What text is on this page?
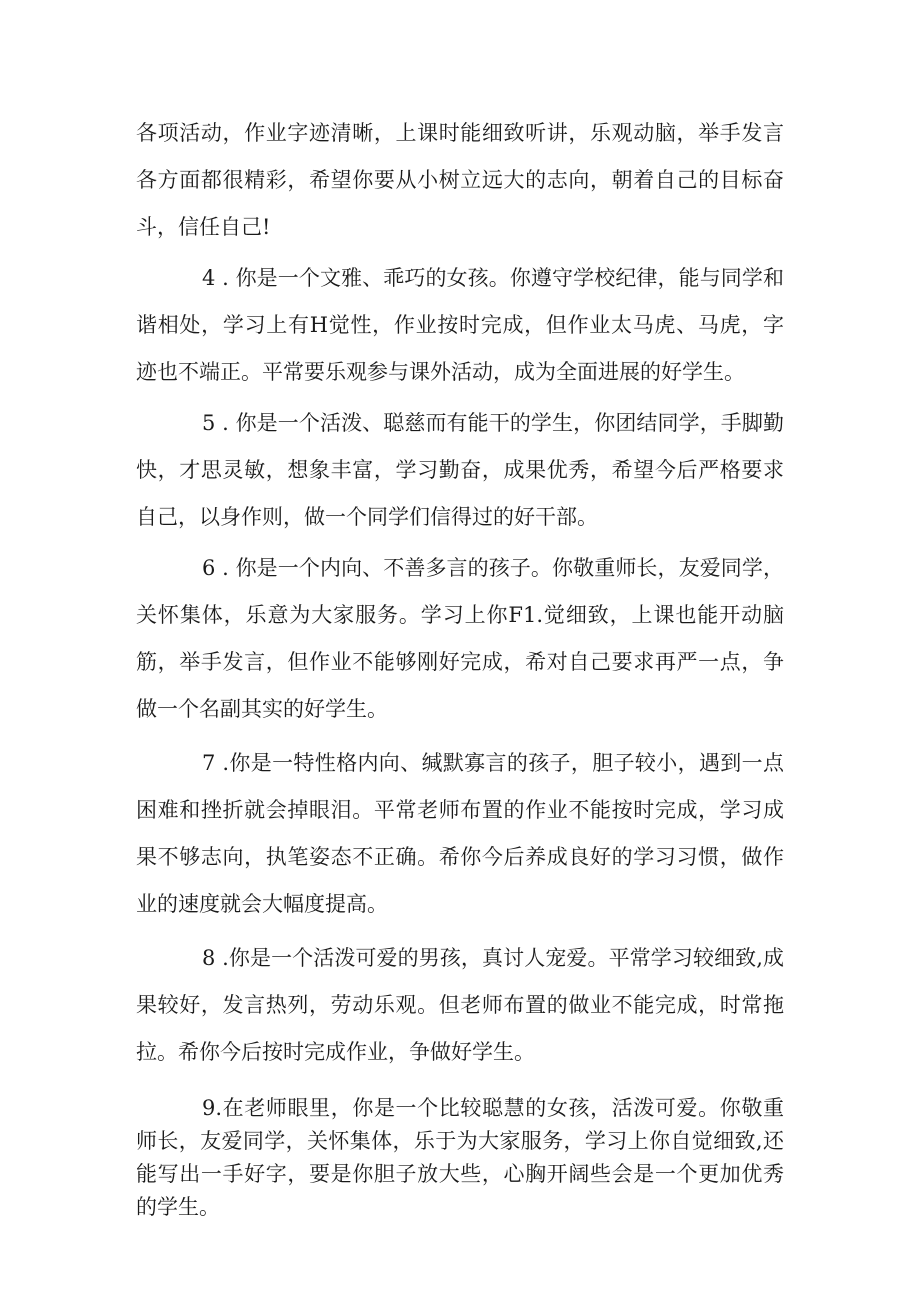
各项活动，作业字迹清晰，上课时能细致听讲，乐观动脑，举手发言各方面都很精彩，希望你要从小树立远大的志向，朝着自己的目标奋斗，信任自己!

4 . 你是一个文雅、乖巧的女孩。你遵守学校纪律，能与同学和谐相处，学习上有H觉性，作业按时完成，但作业太马虎、马虎，字迹也不端正。平常要乐观参与课外活动，成为全面进展的好学生。

5 . 你是一个活泼、聪慈而有能干的学生，你团结同学，手脚勤快，才思灵敏，想象丰富，学习勤奋，成果优秀，希望今后严格要求自己，以身作则，做一个同学们信得过的好干部。

6 . 你是一个内向、不善多言的孩子。你敬重师长，友爱同学，关怀集体，乐意为大家服务。学习上你F1.觉细致，上课也能开动脑筋，举手发言，但作业不能够刚好完成，希对自己要求再严一点，争做一个名副其实的好学生。

7 .你是一特性格内向、缄默寡言的孩子，胆子较小，遇到一点困难和挫折就会掉眼泪。平常老师布置的作业不能按时完成，学习成果不够志向，执笔姿态不正确。希你今后养成良好的学习习惯，做作业的速度就会大幅度提高。

8 .你是一个活泼可爱的男孩，真讨人宠爱。平常学习较细致,成果较好，发言热列，劳动乐观。但老师布置的做业不能完成，时常拖拉。希你今后按时完成作业，争做好学生。

9.在老师眼里，你是一个比较聪慧的女孩，活泼可爱。你敬重师长，友爱同学，关怀集体，乐于为大家服务，学习上你自觉细致,还能写出一手好字，要是你胆子放大些，心胸开阔些会是一个更加优秀的学生。
